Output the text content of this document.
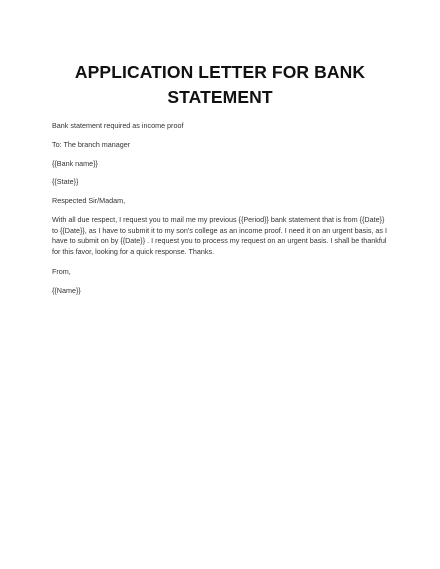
APPLICATION LETTER FOR BANK
STATEMENT

Bank statement required as income proof

To: The branch manager

{{Bank name}}

{{State}}

Respected Sir/Madam,

With all due respect, I request you to mail me my previous {{Period}} bank statement that is from {{Date}}
to {{Date}}, as I have to submit it to my son's college as an income proof. I need it on an urgent basis, as I
have to submit on by {{Date}} . I request you to process my request on an urgent basis. I shall be thankful
for this favor, looking for a quick response. Thanks.

From,

{{Name}}
